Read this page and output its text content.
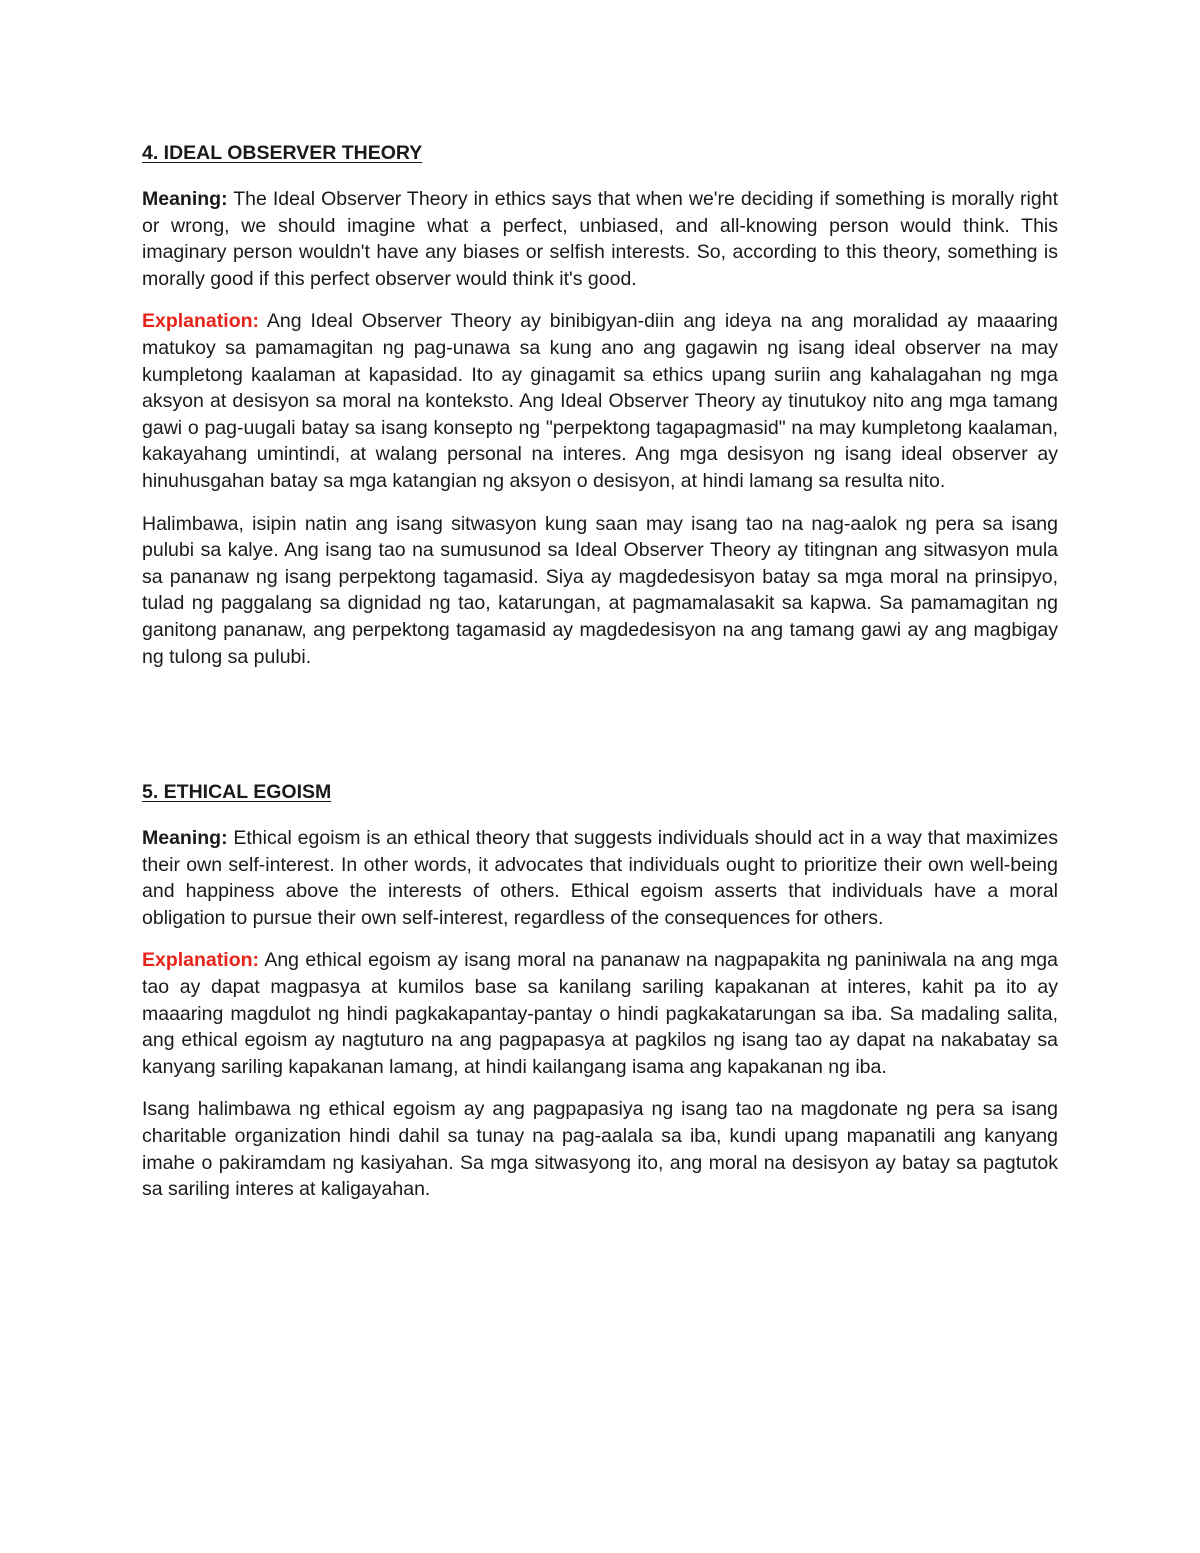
4. IDEAL OBSERVER THEORY

Meaning: The Ideal Observer Theory in ethics says that when we're deciding if something is morally right or wrong, we should imagine what a perfect, unbiased, and all-knowing person would think. This imaginary person wouldn't have any biases or selfish interests. So, according to this theory, something is morally good if this perfect observer would think it's good.

Explanation: Ang Ideal Observer Theory ay binibigyan-diin ang ideya na ang moralidad ay maaaring matukoy sa pamamagitan ng pag-unawa sa kung ano ang gagawin ng isang ideal observer na may kumpletong kaalaman at kapasidad. Ito ay ginagamit sa ethics upang suriin ang kahalagahan ng mga aksyon at desisyon sa moral na konteksto. Ang Ideal Observer Theory ay tinutukoy nito ang mga tamang gawi o pag-uugali batay sa isang konsepto ng "perpektong tagapagmasid" na may kumpletong kaalaman, kakayahang umintindi, at walang personal na interes. Ang mga desisyon ng isang ideal observer ay hinuhusgahan batay sa mga katangian ng aksyon o desisyon, at hindi lamang sa resulta nito.

Halimbawa, isipin natin ang isang sitwasyon kung saan may isang tao na nag-aalok ng pera sa isang pulubi sa kalye. Ang isang tao na sumusunod sa Ideal Observer Theory ay titingnan ang sitwasyon mula sa pananaw ng isang perpektong tagamasid. Siya ay magdedesisyon batay sa mga moral na prinsipyo, tulad ng paggalang sa dignidad ng tao, katarungan, at pagmamalasakit sa kapwa. Sa pamamagitan ng ganitong pananaw, ang perpektong tagamasid ay magdedesisyon na ang tamang gawi ay ang magbigay ng tulong sa pulubi.

5. ETHICAL EGOISM

Meaning: Ethical egoism is an ethical theory that suggests individuals should act in a way that maximizes their own self-interest. In other words, it advocates that individuals ought to prioritize their own well-being and happiness above the interests of others. Ethical egoism asserts that individuals have a moral obligation to pursue their own self-interest, regardless of the consequences for others.

Explanation: Ang ethical egoism ay isang moral na pananaw na nagpapakita ng paniniwala na ang mga tao ay dapat magpasya at kumilos base sa kanilang sariling kapakanan at interes, kahit pa ito ay maaaring magdulot ng hindi pagkakapantay-pantay o hindi pagkakatarungan sa iba. Sa madaling salita, ang ethical egoism ay nagtuturo na ang pagpapasya at pagkilos ng isang tao ay dapat na nakabatay sa kanyang sariling kapakanan lamang, at hindi kailangang isama ang kapakanan ng iba.

Isang halimbawa ng ethical egoism ay ang pagpapasiya ng isang tao na magdonate ng pera sa isang charitable organization hindi dahil sa tunay na pag-aalala sa iba, kundi upang mapanatili ang kanyang imahe o pakiramdam ng kasiyahan. Sa mga sitwasyong ito, ang moral na desisyon ay batay sa pagtutok sa sariling interes at kaligayahan.
